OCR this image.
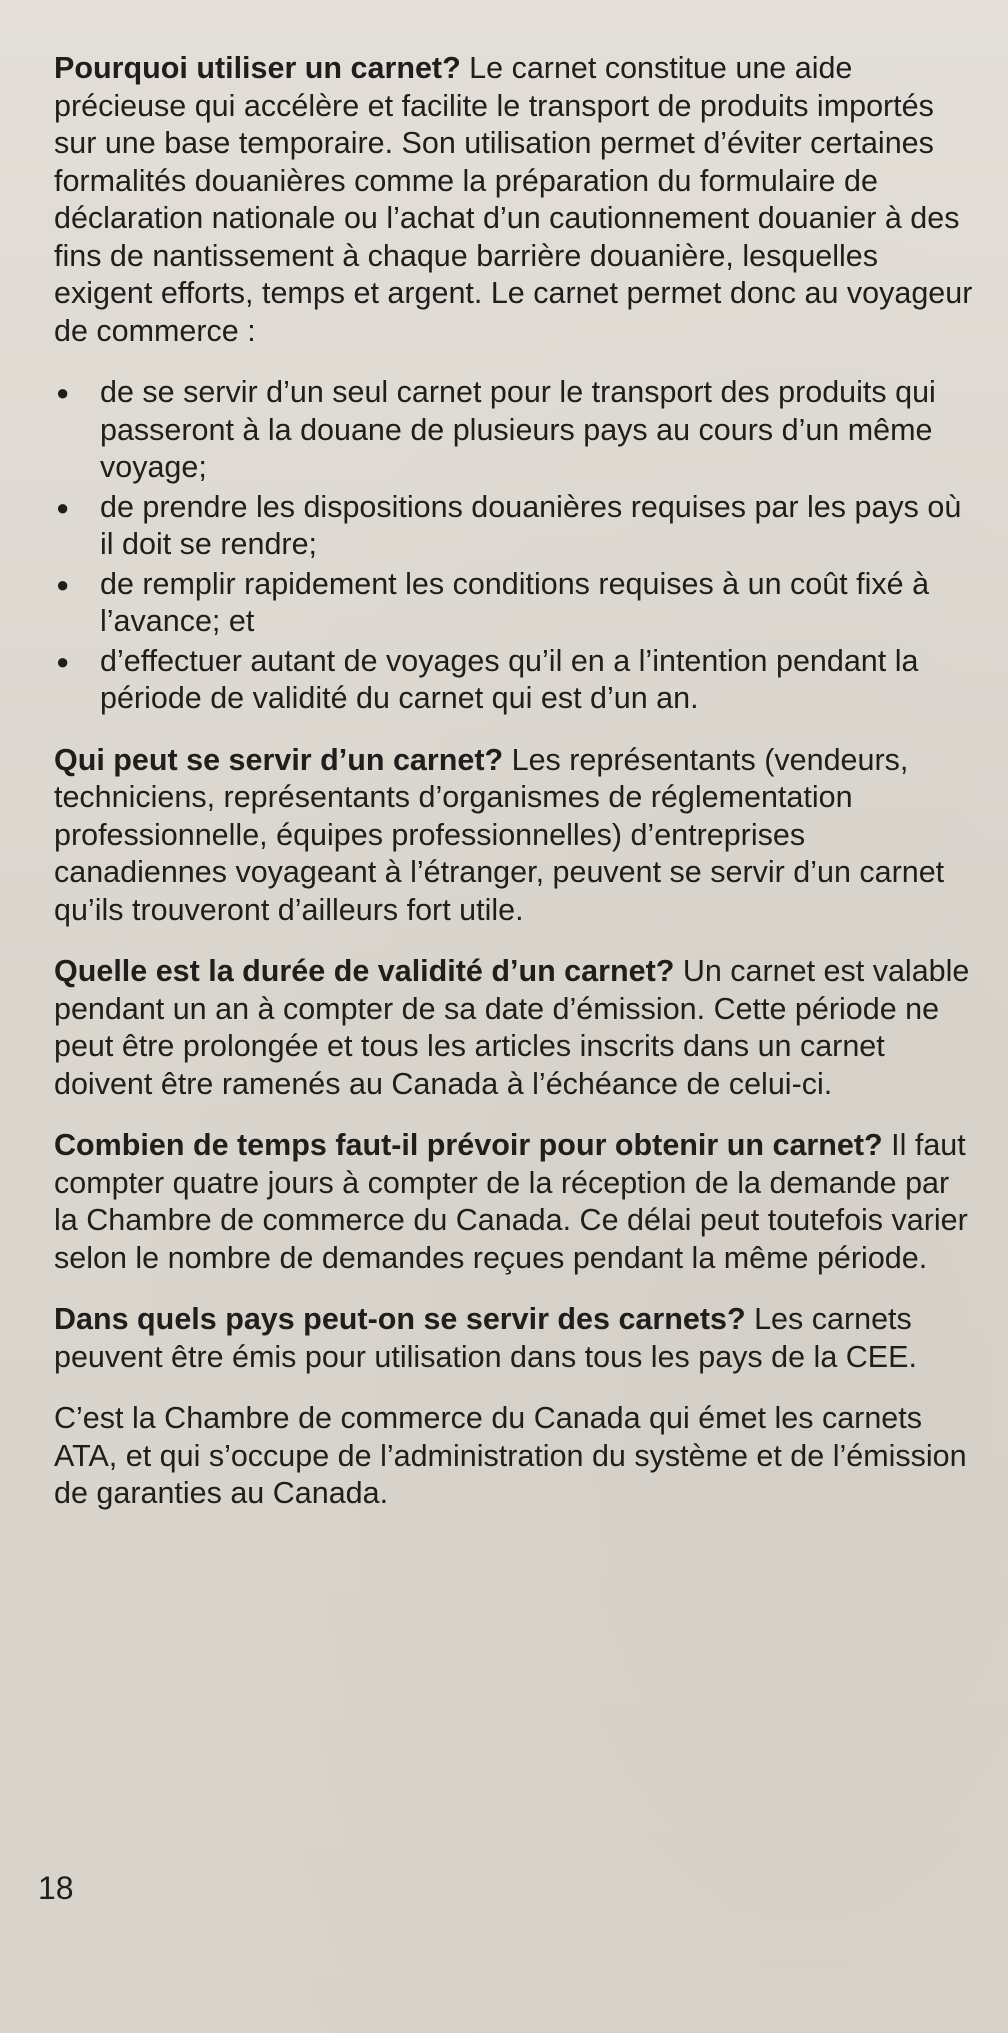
Pourquoi utiliser un carnet? Le carnet constitue une aide précieuse qui accélère et facilite le transport de produits importés sur une base temporaire. Son utilisation permet d’éviter certaines formalités douanières comme la préparation du formulaire de déclaration nationale ou l’achat d’un cautionnement douanier à des fins de nantissement à chaque barrière douanière, lesquelles exigent efforts, temps et argent. Le carnet permet donc au voyageur de commerce :

● de se servir d’un seul carnet pour le transport des produits qui passeront à la douane de plusieurs pays au cours d’un même voyage;
● de prendre les dispositions douanières requises par les pays où il doit se rendre;
● de remplir rapidement les conditions requises à un coût fixé à l’avance; et
● d’effectuer autant de voyages qu’il en a l’intention pendant la période de validité du carnet qui est d’un an.

Qui peut se servir d’un carnet? Les représentants (vendeurs, techniciens, représentants d’organismes de réglementation professionnelle, équipes professionnelles) d’entreprises canadiennes voyageant à l’étranger, peuvent se servir d’un carnet qu’ils trouveront d’ailleurs fort utile.

Quelle est la durée de validité d’un carnet? Un carnet est valable pendant un an à compter de sa date d’émission. Cette période ne peut être prolongée et tous les articles inscrits dans un carnet doivent être ramenés au Canada à l’échéance de celui-ci.

Combien de temps faut-il prévoir pour obtenir un carnet? Il faut compter quatre jours à compter de la réception de la demande par la Chambre de commerce du Canada. Ce délai peut toutefois varier selon le nombre de demandes reçues pendant la même période.

Dans quels pays peut-on se servir des carnets? Les carnets peuvent être émis pour utilisation dans tous les pays de la CEE.

C’est la Chambre de commerce du Canada qui émet les carnets ATA, et qui s’occupe de l’administration du système et de l’émission de garanties au Canada.

18
